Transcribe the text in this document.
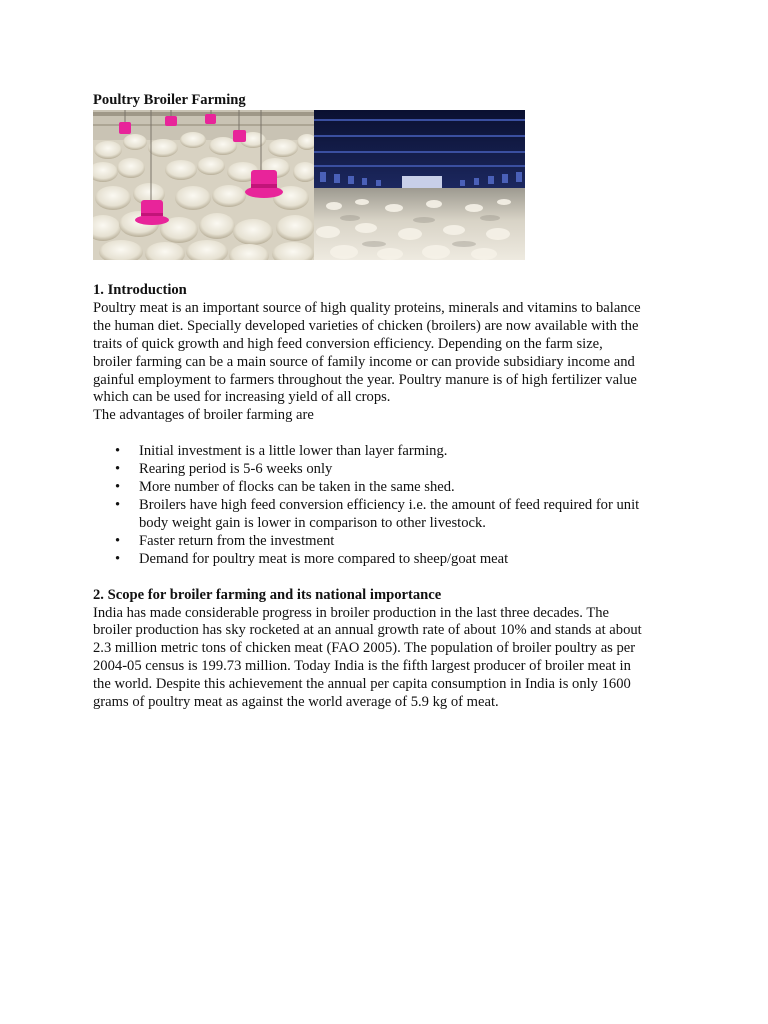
Poultry Broiler Farming

1. Introduction

Poultry meat is an important source of high quality proteins, minerals and vitamins to balance
the human diet. Specially developed varieties of chicken (broilers) are now available with the
traits of quick growth and high feed conversion efficiency. Depending on the farm size,
broiler farming can be a main source of family income or can provide subsidiary income and
gainful employment to farmers throughout the year. Poultry manure is of high fertilizer value
which can be used for increasing yield of all crops.
The advantages of broiler farming are
• Initial investment is a little lower than layer farming.
• Rearing period is 5-6 weeks only
• More number of flocks can be taken in the same shed.
• Broilers have high feed conversion efficiency i.e. the amount of feed required for unit
body weight gain is lower in comparison to other livestock.
• Faster return from the investment
• Demand for poultry meat is more compared to sheep/goat meat

2. Scope for broiler farming and its national importance

India has made considerable progress in broiler production in the last three decades. The
broiler production has sky rocketed at an annual growth rate of about 10% and stands at about
2.3 million metric tons of chicken meat (FAO 2005). The population of broiler poultry as per
2004-05 census is 199.73 million. Today India is the fifth largest producer of broiler meat in
the world. Despite this achievement the annual per capita consumption in India is only 1600
grams of poultry meat as against the world average of 5.9 kg of meat.
